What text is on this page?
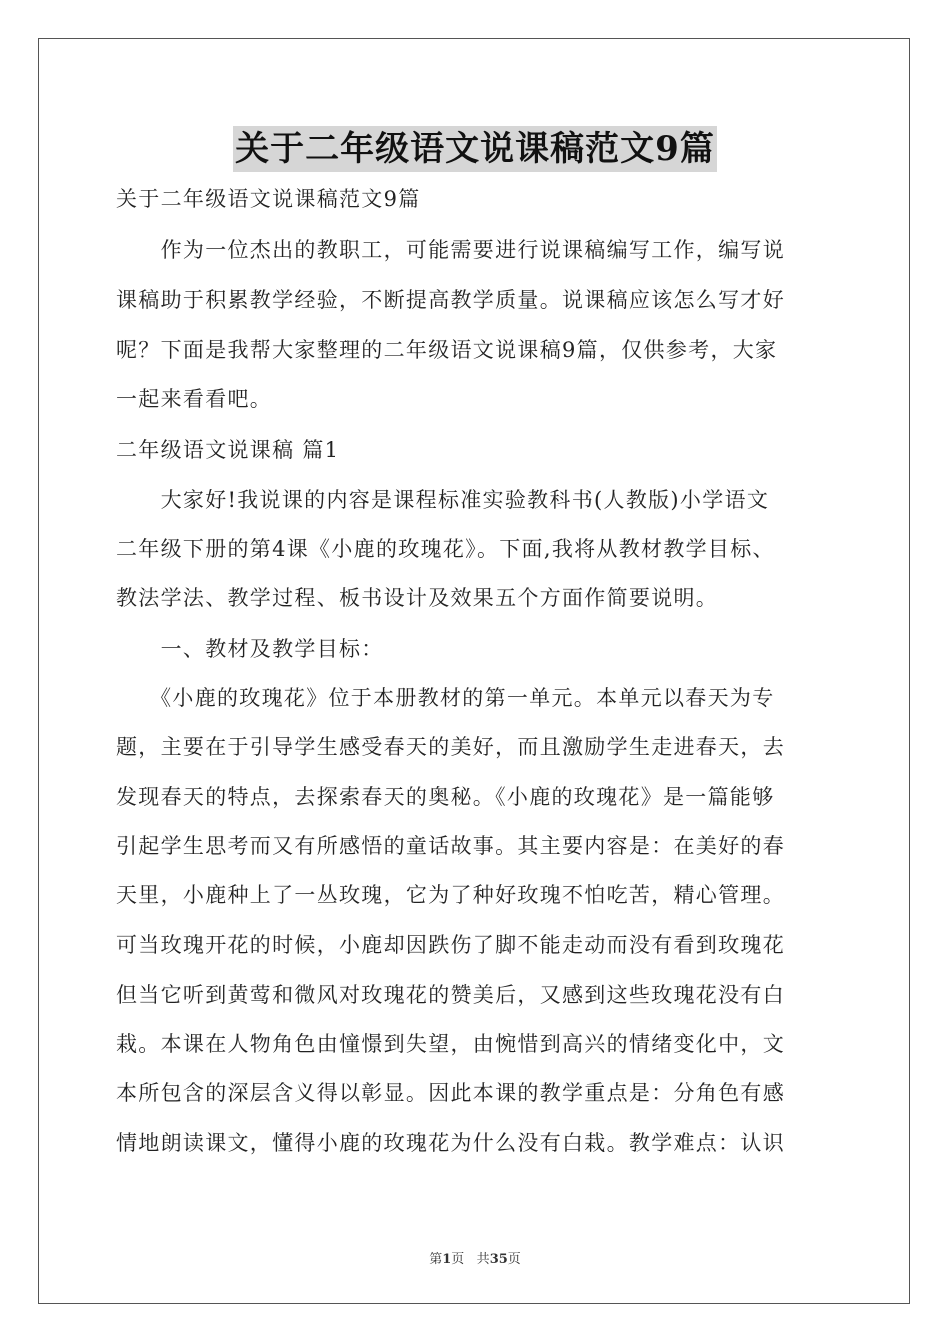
关于二年级语文说课稿范文9篇
关于二年级语文说课稿范文9篇
　　作为一位杰出的教职工，可能需要进行说课稿编写工作，编写说
课稿助于积累教学经验，不断提高教学质量。说课稿应该怎么写才好
呢？下面是我帮大家整理的二年级语文说课稿9篇，仅供参考，大家
一起来看看吧。
二年级语文说课稿 篇1
　　大家好!我说课的内容是课程标准实验教科书(人教版)小学语文
二年级下册的第4课《小鹿的玫瑰花》。下面,我将从教材教学目标、
教法学法、教学过程、板书设计及效果五个方面作简要说明。
　　一、教材及教学目标：
　　《小鹿的玫瑰花》位于本册教材的第一单元。本单元以春天为专
题，主要在于引导学生感受春天的美好，而且激励学生走进春天，去
发现春天的特点，去探索春天的奥秘。《小鹿的玫瑰花》是一篇能够
引起学生思考而又有所感悟的童话故事。其主要内容是：在美好的春
天里，小鹿种上了一丛玫瑰，它为了种好玫瑰不怕吃苦，精心管理。
可当玫瑰开花的时候，小鹿却因跌伤了脚不能走动而没有看到玫瑰花
但当它听到黄莺和微风对玫瑰花的赞美后，又感到这些玫瑰花没有白
栽。本课在人物角色由憧憬到失望，由惋惜到高兴的情绪变化中，文
本所包含的深层含义得以彰显。因此本课的教学重点是：分角色有感
情地朗读课文，懂得小鹿的玫瑰花为什么没有白栽。教学难点：认识
第1页 共35页
